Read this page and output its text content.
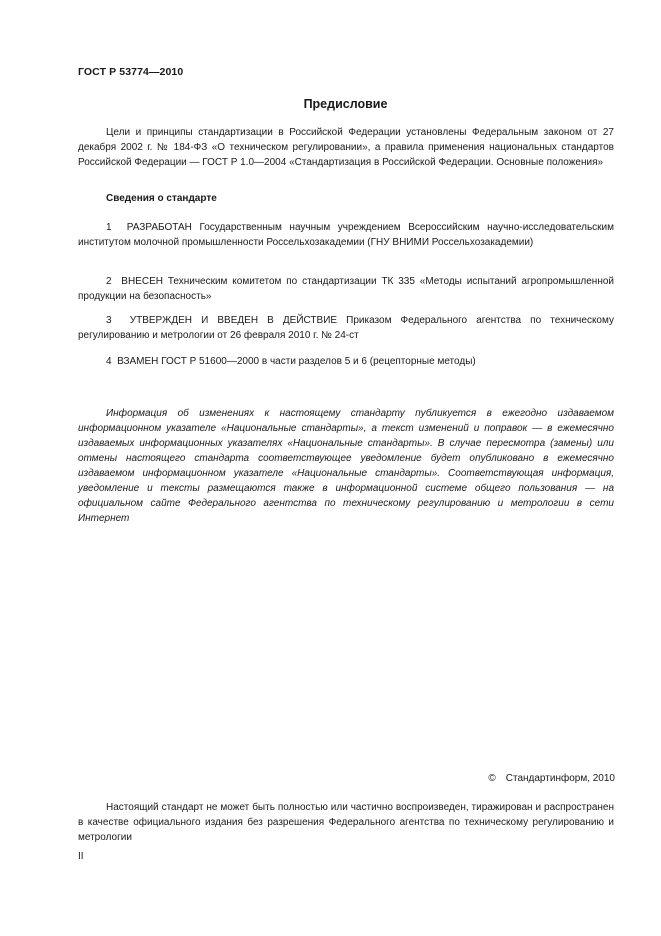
ГОСТ Р 53774—2010
Предисловие

Цели и принципы стандартизации в Российской Федерации установлены Федеральным законом от 27 декабря 2002 г. № 184-ФЗ «О техническом регулировании», а правила применения национальных стандартов Российской Федерации — ГОСТ Р 1.0—2004 «Стандартизация в Российской Федерации. Основные положения»

Сведения о стандарте

1 РАЗРАБОТАН Государственным научным учреждением Всероссийским научно-исследовательским институтом молочной промышленности Россельхозакадемии (ГНУ ВНИМИ Россельхозакадемии)

2 ВНЕСЕН Техническим комитетом по стандартизации ТК 335 «Методы испытаний агропромышленной продукции на безопасность»

3 УТВЕРЖДЕН И ВВЕДЕН В ДЕЙСТВИЕ Приказом Федерального агентства по техническому регулированию и метрологии от 26 февраля 2010 г. № 24-ст

4 ВЗАМЕН ГОСТ Р 51600—2000 в части разделов 5 и 6 (рецепторные методы)

Информация об изменениях к настоящему стандарту публикуется в ежегодно издаваемом информационном указателе «Национальные стандарты», а текст изменений и поправок — в ежемесячно издаваемых информационных указателях «Национальные стандарты». В случае пересмотра (замены) или отмены настоящего стандарта соответствующее уведомление будет опубликовано в ежемесячно издаваемом информационном указателе «Национальные стандарты». Соответствующая информация, уведомление и тексты размещаются также в информационной системе общего пользования — на официальном сайте Федерального агентства по техническому регулированию и метрологии в сети Интернет

© Стандартинформ, 2010

Настоящий стандарт не может быть полностью или частично воспроизведен, тиражирован и распространен в качестве официального издания без разрешения Федерального агентства по техническому регулированию и метрологии

II
